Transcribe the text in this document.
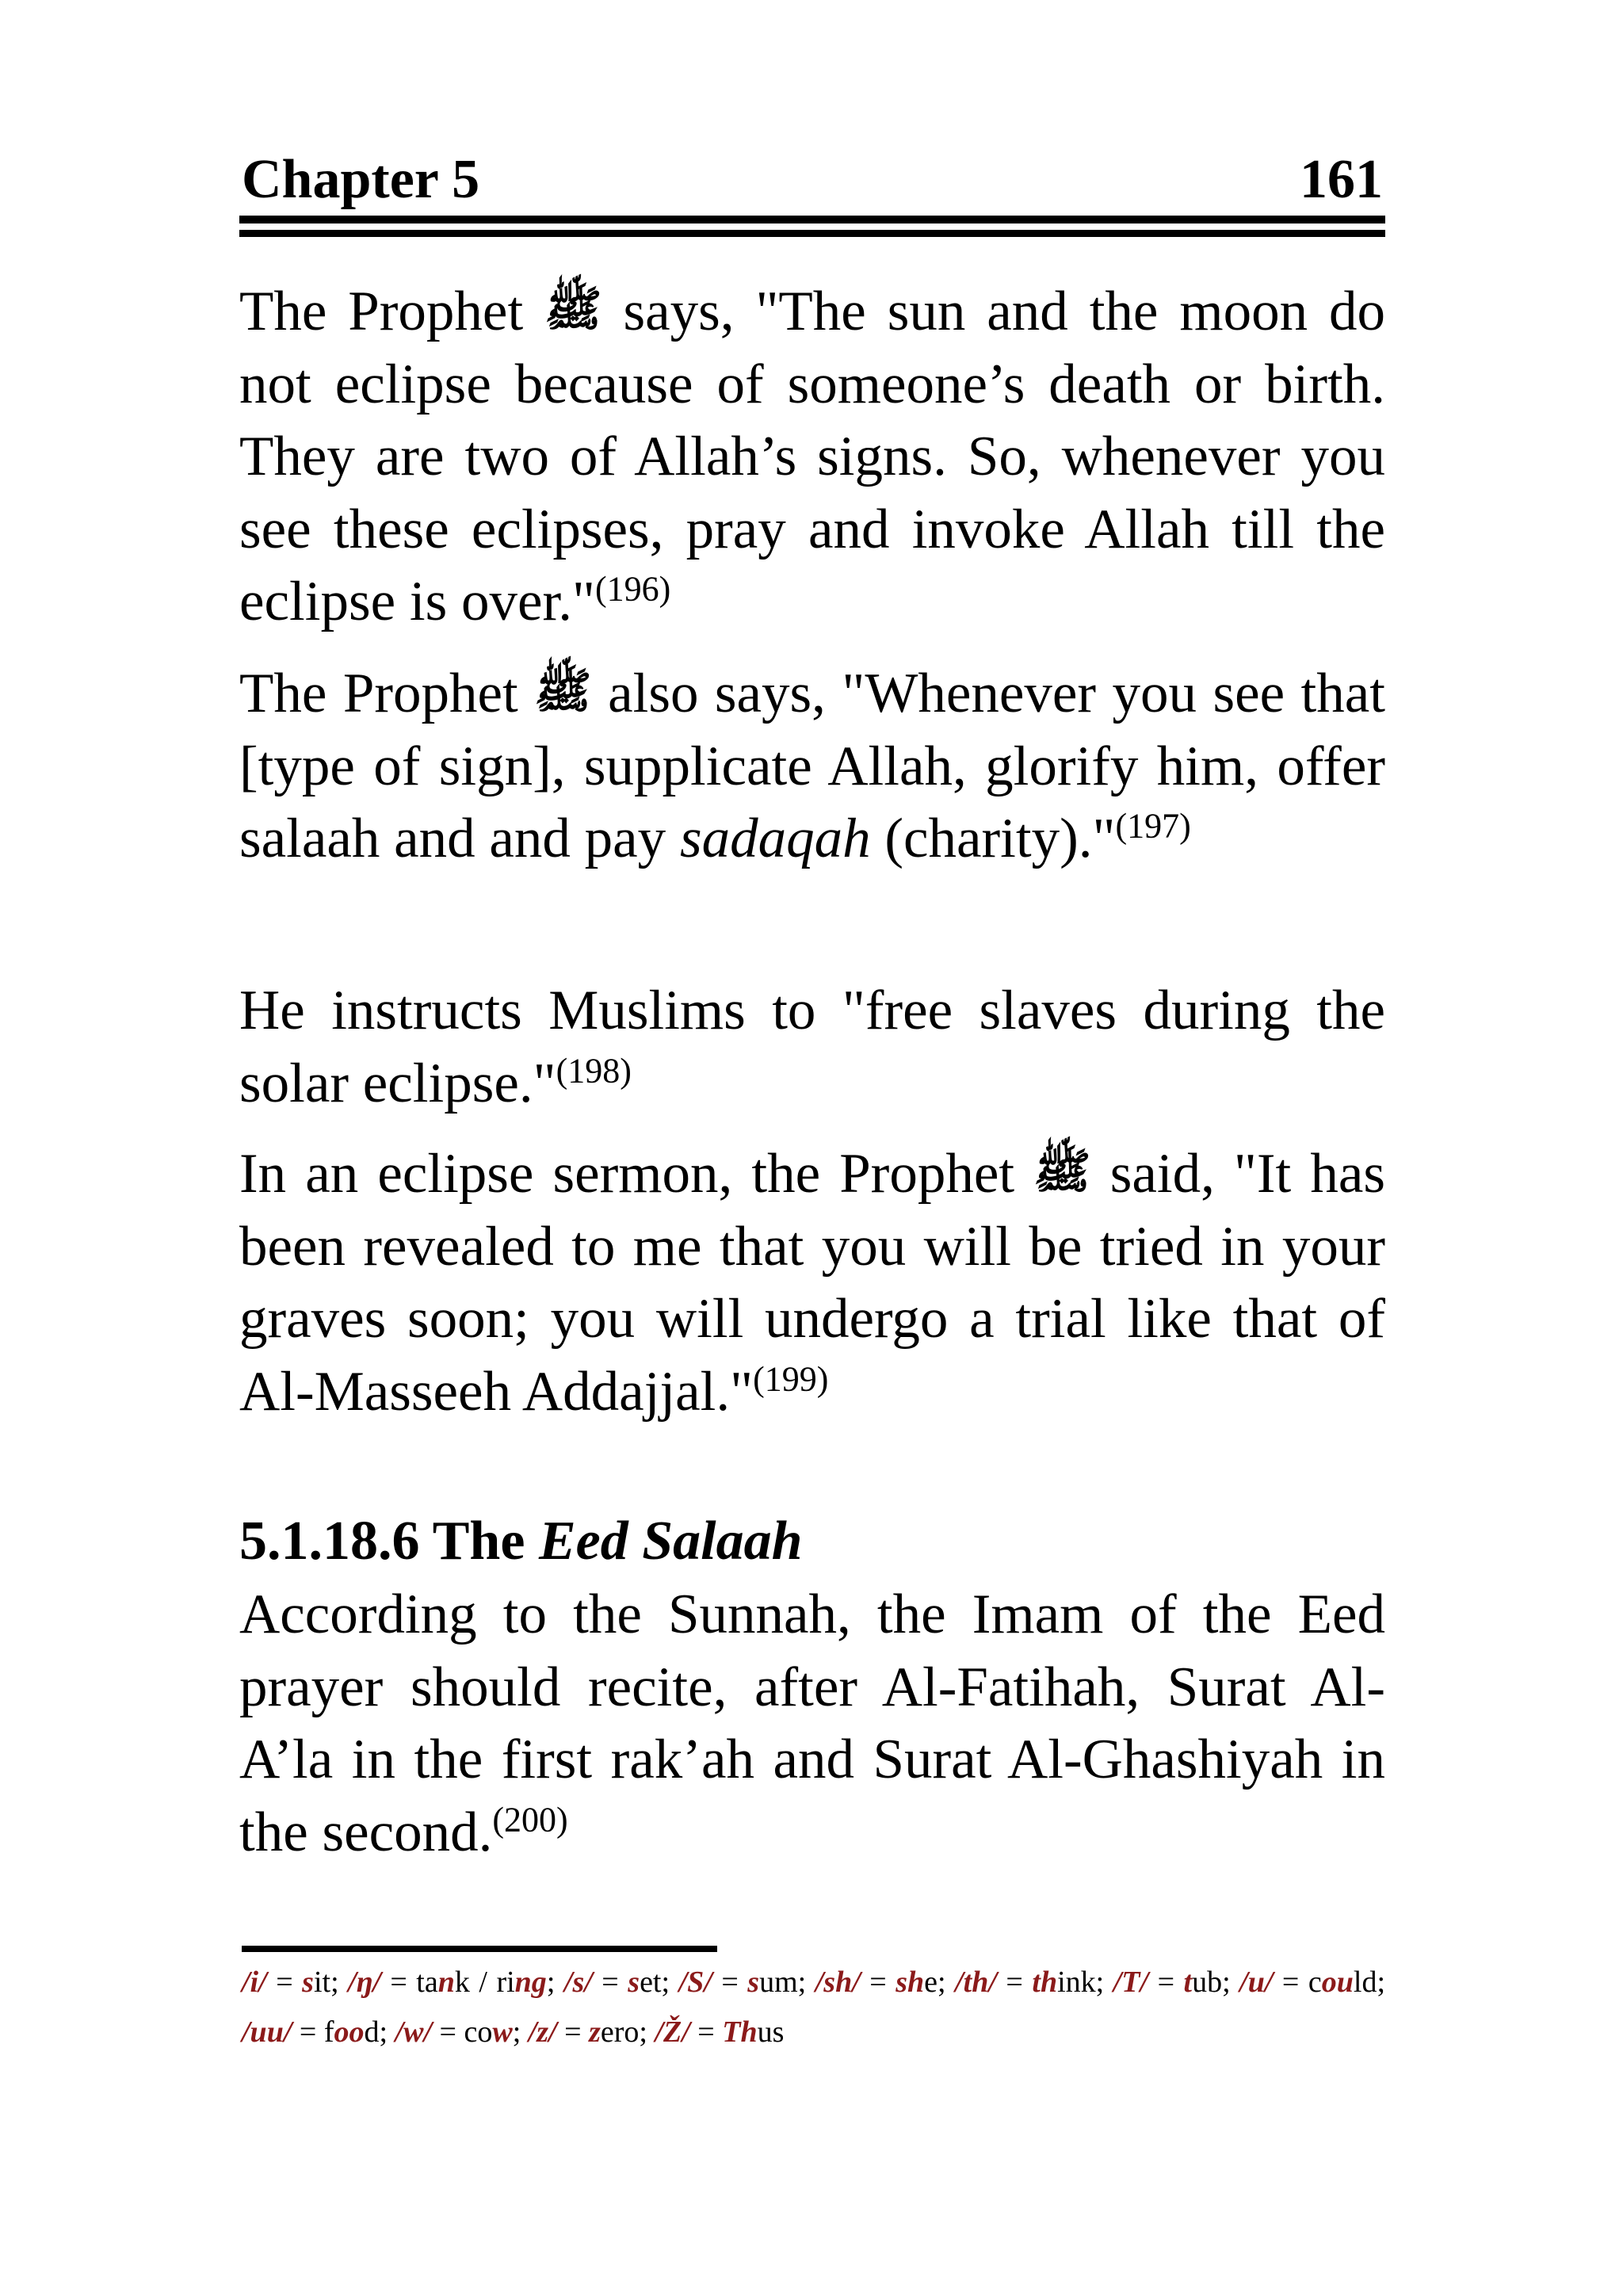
Chapter 5	161

The Prophet ﷺ says, "The sun and the moon do not eclipse because of someone’s death or birth. They are two of Allah’s signs. So, whenever you see these eclipses, pray and invoke Allah till the eclipse is over."$^{(196)}$

The Prophet ﷺ also says, "Whenever you see that [type of sign], supplicate Allah, glorify him, offer salaah and and pay sadaqah (charity)."$^{(197)}$

He instructs Muslims to "free slaves during the solar eclipse."$^{(198)}$

In an eclipse sermon, the Prophet ﷺ said, "It has been revealed to me that you will be tried in your graves soon; you will undergo a trial like that of Al-Masseeh Addajjal."$^{(199)}$

5.1.18.6 The Eed Salaah

According to the Sunnah, the Imam of the Eed prayer should recite, after Al-Fatihah, Surat Al-A’la in the first rak’ah and Surat Al-Ghashiyah in the second.$^{(200)}$

/i/ = sit; /ŋ/ = tank / ring; /s/ = set; /S/ = sum; /sh/ = she; /th/ = think; /T/ = tub; /u/ = could; /uu/ = food; /w/ = cow; /z/ = zero; /Ž/ = Thus
